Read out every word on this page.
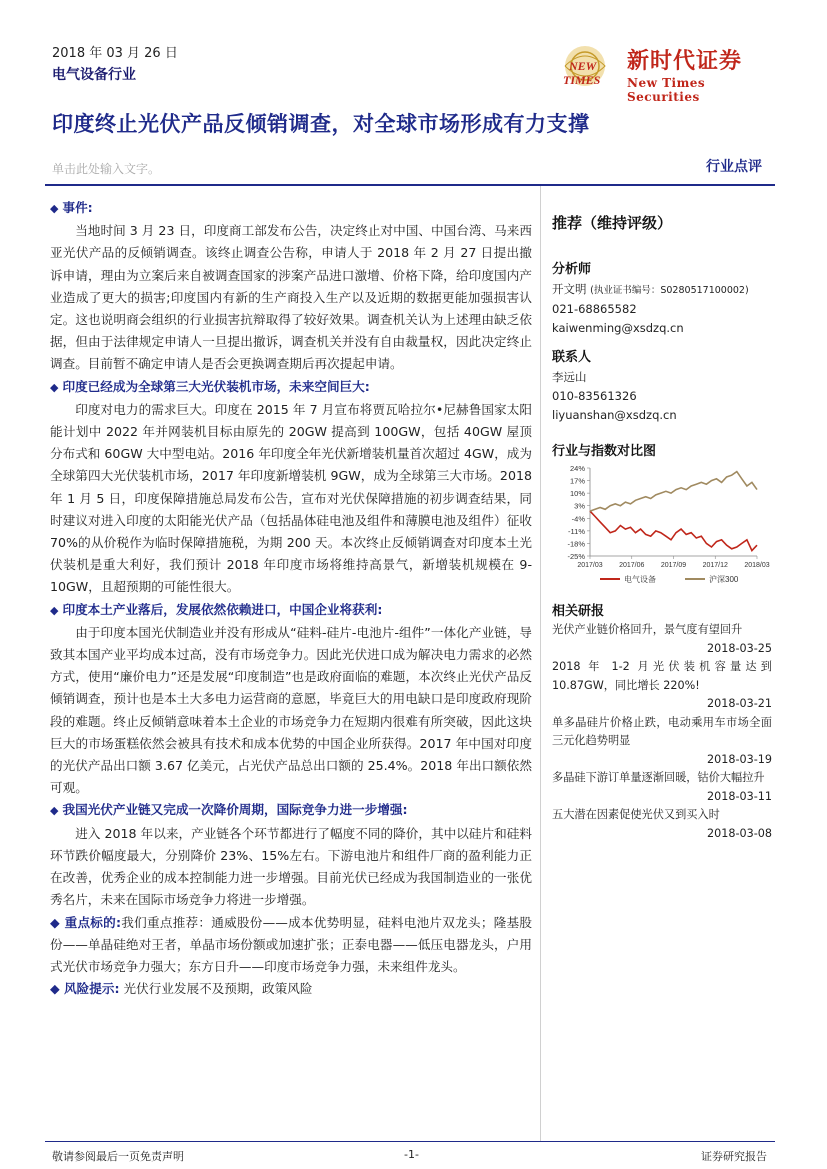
2018 年 03 月 26 日
电气设备行业
NEW
TIMES
新时代证券
New Times Securities
印度终止光伏产品反倾销调查，对全球市场形成有力支撑
单击此处输入文字。	行业点评

◆ 事件:

当地时间 3 月 23 日，印度商工部发布公告，决定终止对中国、中国台湾、马来西亚光伏产品的反倾销调查。该终止调查公告称，申请人于 2018 年 2 月 27 日提出撤诉申请，理由为立案后来自被调查国家的涉案产品进口激增、价格下降，给印度国内产业造成了更大的损害;印度国内有新的生产商投入生产以及近期的数据更能加强损害认定。这也说明商会组织的行业损害抗辩取得了较好效果。调查机关认为上述理由缺乏依据，但由于法律规定申请人一旦提出撤诉，调查机关并没有自由裁量权，因此决定终止调查。目前暂不确定申请人是否会更换调查期后再次提起申请。

◆ 印度已经成为全球第三大光伏装机市场，未来空间巨大:

印度对电力的需求巨大。印度在 2015 年 7 月宣布将贾瓦哈拉尔•尼赫鲁国家太阳能计划中 2022 年并网装机目标由原先的 20GW 提高到 100GW，包括 40GW 屋顶分布式和 60GW 大中型电站。2016 年印度全年光伏新增装机量首次超过 4GW，成为全球第四大光伏装机市场，2017 年印度新增装机 9GW，成为全球第三大市场。2018 年 1 月 5 日，印度保障措施总局发布公告，宣布对光伏保障措施的初步调查结果，同时建议对进入印度的太阳能光伏产品（包括晶体硅电池及组件和薄膜电池及组件）征收 70%的从价税作为临时保障措施税，为期 200 天。本次终止反倾销调查对印度本土光伏装机是重大利好，我们预计 2018 年印度市场将维持高景气，新增装机规模在 9-10GW，且超预期的可能性很大。

◆ 印度本土产业落后，发展依然依赖进口，中国企业将获利:

由于印度本国光伏制造业并没有形成从“硅料-硅片-电池片-组件”一体化产业链，导致其本国产业平均成本过高，没有市场竞争力。因此光伏进口成为解决电力需求的必然方式，使用“廉价电力”还是发展“印度制造”也是政府面临的难题，本次终止光伏产品反倾销调查，预计也是本土大多电力运营商的意愿，毕竟巨大的用电缺口是印度政府现阶段的难题。终止反倾销意味着本土企业的市场竞争力在短期内很难有所突破，因此这块巨大的市场蛋糕依然会被具有技术和成本优势的中国企业所获得。2017 年中国对印度的光伏产品出口额 3.67 亿美元，占光伏产品总出口额的 25.4%。2018 年出口额依然可观。

◆ 我国光伏产业链又完成一次降价周期，国际竞争力进一步增强:

进入 2018 年以来，产业链各个环节都进行了幅度不同的降价，其中以硅片和硅料环节跌价幅度最大，分别降价 23%、15%左右。下游电池片和组件厂商的盈利能力正在改善，优秀企业的成本控制能力进一步增强。目前光伏已经成为我国制造业的一张优秀名片，未来在国际市场竞争力将进一步增强。

◆ 重点标的:我们重点推荐：通威股份——成本优势明显，硅料电池片双龙头；隆基股份——单晶硅绝对王者，单晶市场份额或加速扩张；正泰电器——低压电器龙头，户用式光伏市场竞争力强大；东方日升——印度市场竞争力强，未来组件龙头。

◆ 风险提示: 光伏行业发展不及预期，政策风险

推荐（维持评级）
分析师
开文明 (执业证书编号：S0280517100002)
021-68865582
kaiwenming@xsdzq.cn
联系人
李远山
010-83561326
liyuanshan@xsdzq.cn
行业与指数对比图
24%
17%
10%
3%
-4%
-11%
-18%
-25%
2017/03 2017/06 2017/09 2017/12 2018/03
电气设备	沪深300
相关研报
光伏产业链价格回升，景气度有望回升
2018-03-25
2018 年 1-2 月光伏装机容量达到 10.87GW，同比增长 220%!
2018-03-21
单多晶硅片价格止跌，电动乘用车市场全面三元化趋势明显
2018-03-19
多晶硅下游订单量逐渐回暖，钴价大幅拉升
2018-03-11
五大潜在因素促使光伏又到买入时
2018-03-08
敬请参阅最后一页免责声明	-1-	证券研究报告
